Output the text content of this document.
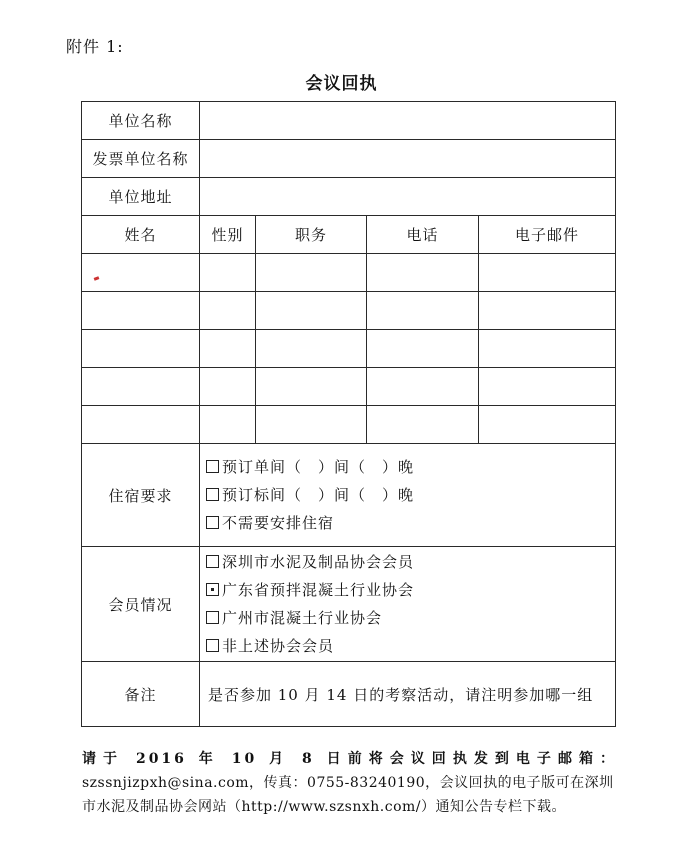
附件 1:
会议回执
单位名称				
发票单位名称				
单位地址				
姓名	性别	职务	电话	电子邮件

住宿要求	预订单间（　）间（　）晚
预订标间（　）间（　）晚
不需要安排住宿			

会员情况	深圳市水泥及制品协会会员
广东省预拌混凝土行业协会
广州市混凝土行业协会
非上述协会会员			

备注	是否参加 10 月 14 日的考察活动，请注明参加哪一组			

请于 2016 年 10 月 8 日前将会议回执发到电子邮箱：

szssnjizpxh@sina.com，传真：0755-83240190，会议回执的电子版可在深圳

市水泥及制品协会网站（http://www.szsnxh.com/）通知公告专栏下载。
